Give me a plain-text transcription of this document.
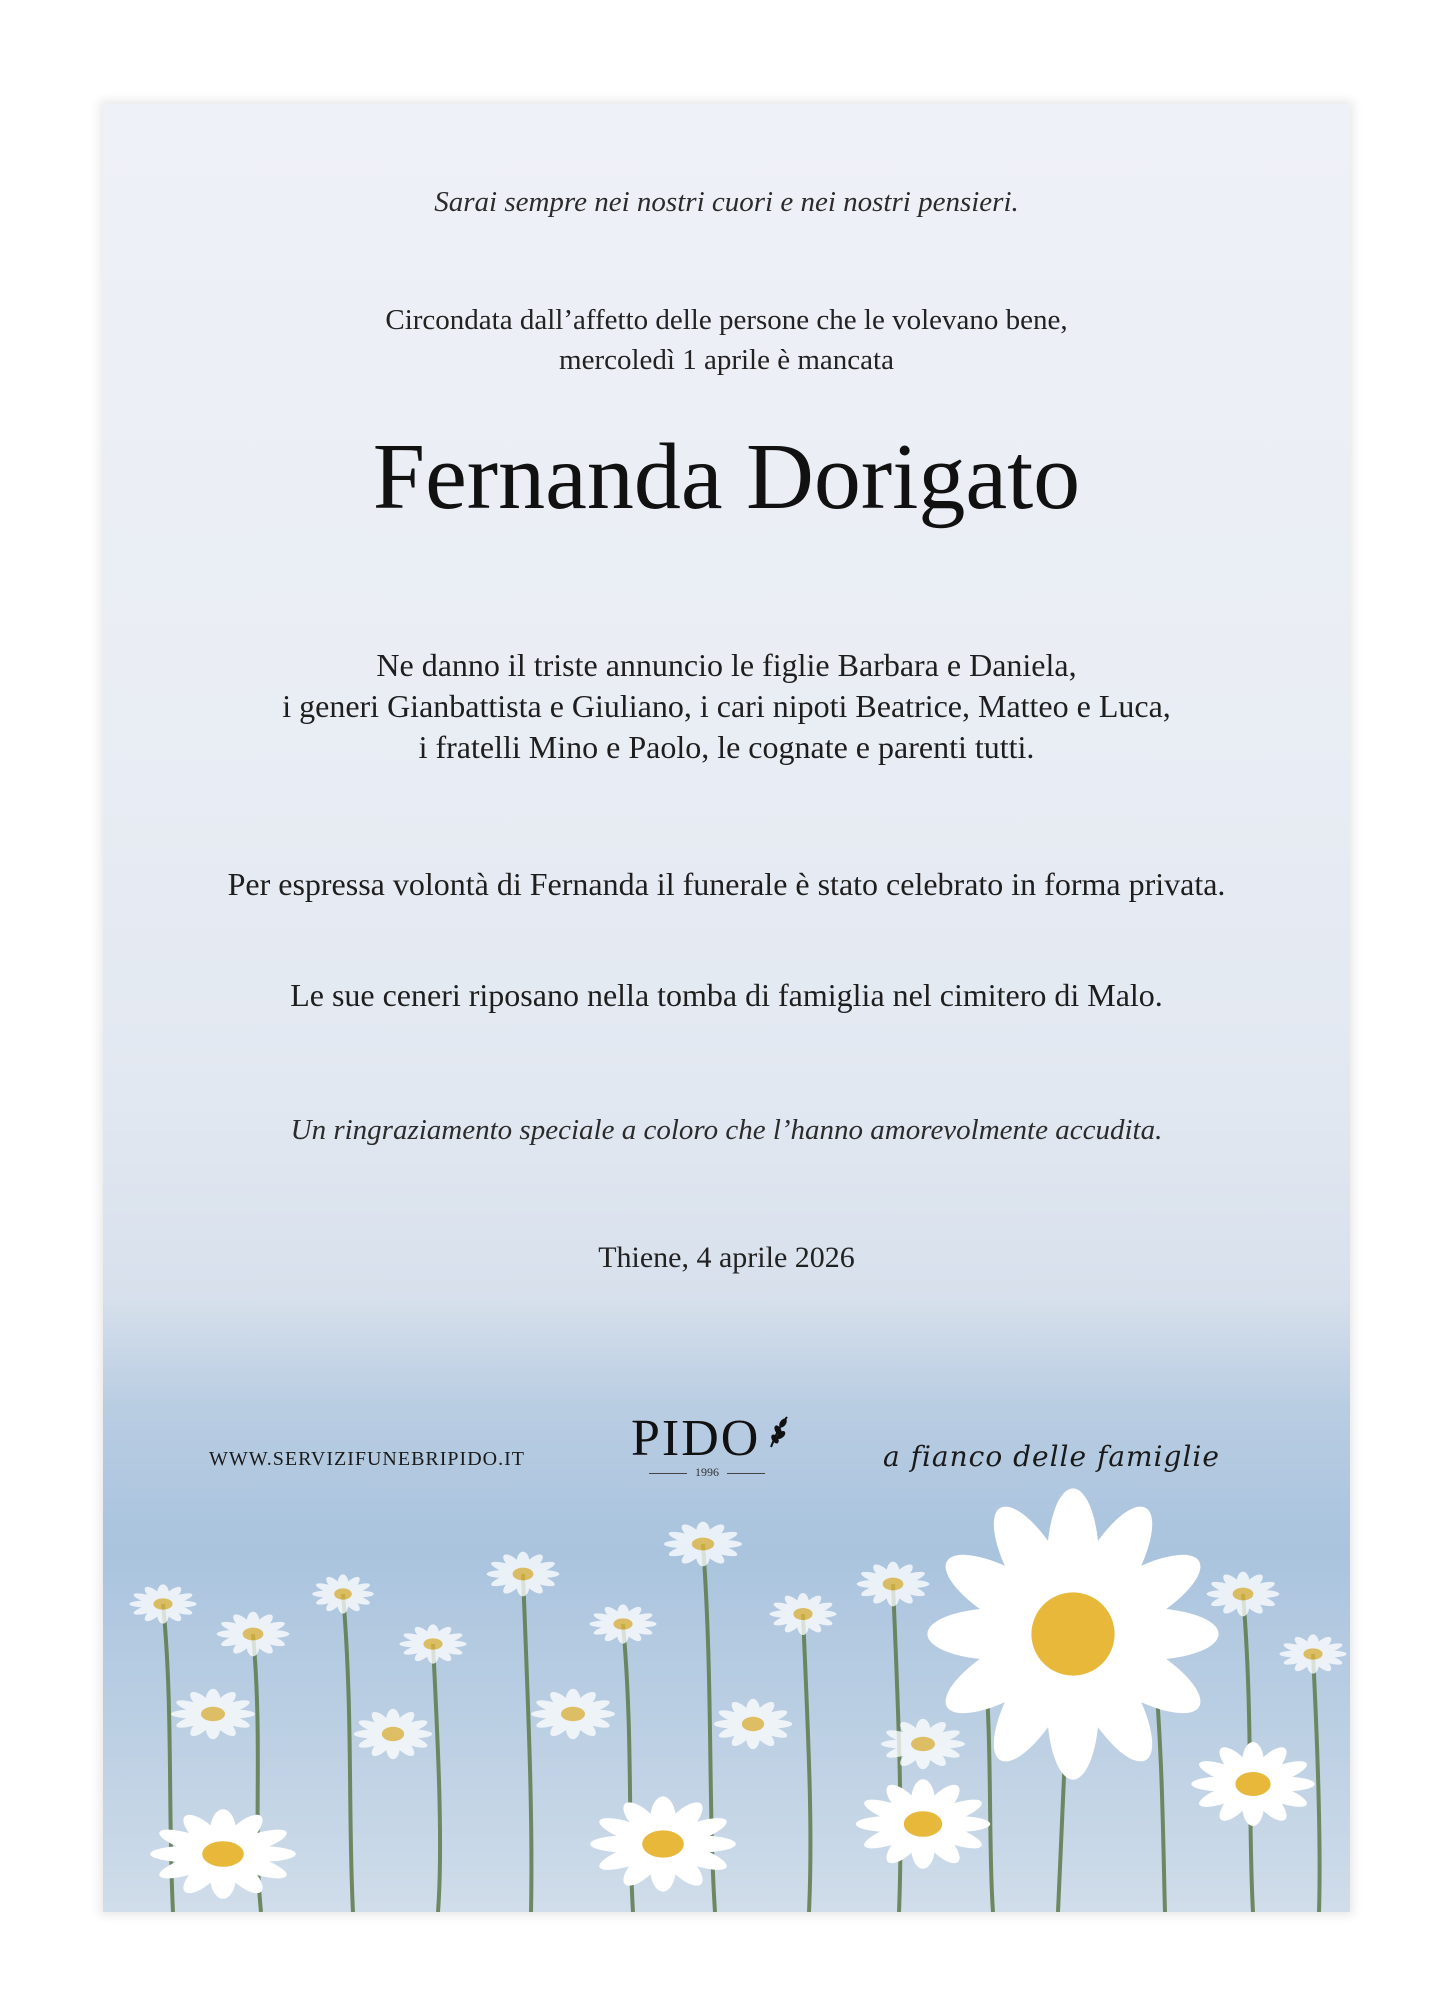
Sarai sempre nei nostri cuori e nei nostri pensieri.

Circondata dall’affetto delle persone che le volevano bene,
mercoledì 1 aprile è mancata
Fernanda Dorigato
Ne danno il triste annuncio le figlie Barbara e Daniela,
i generi Gianbattista e Giuliano, i cari nipoti Beatrice, Matteo e Luca,
i fratelli Mino e Paolo, le cognate e parenti tutti.

Per espressa volontà di Fernanda il funerale è stato celebrato in forma privata.

Le sue ceneri riposano nella tomba di famiglia nel cimitero di Malo.

Un ringraziamento speciale a coloro che l’hanno amorevolmente accudita.

Thiene, 4 aprile 2026

WWW.SERVIZIFUNEBRIPIDO.IT PIDO
1996	a fianco delle famiglie
